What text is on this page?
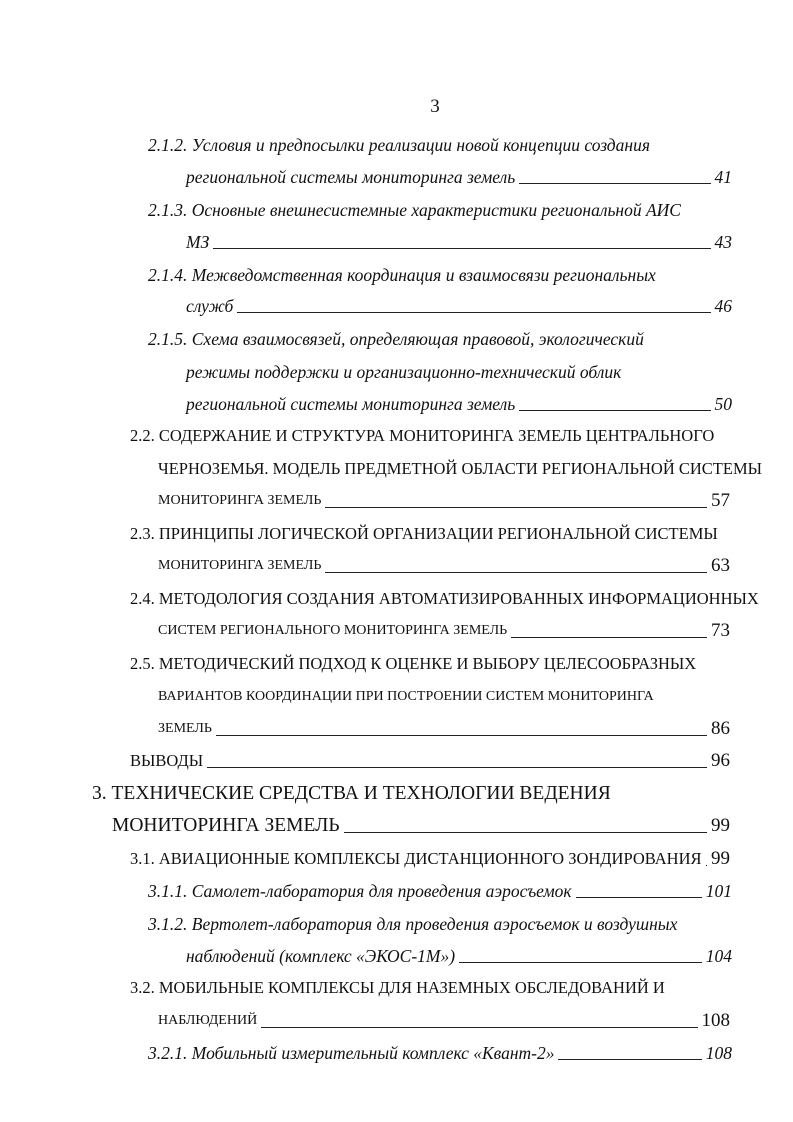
3
2.1.2. Условия и предпосылки реализации новой концепции создания
региональной системы мониторинга земель	41
2.1.3. Основные внешнесистемные характеристики региональной АИС
МЗ	43
2.1.4. Межведомственная координация и взаимосвязи региональных
служб	46
2.1.5. Схема взаимосвязей, определяющая правовой, экологический
режимы поддержки и организационно-технический облик
региональной системы мониторинга земель	50
2.2. СОДЕРЖАНИЕ И СТРУКТУРА МОНИТОРИНГА ЗЕМЕЛЬ ЦЕНТРАЛЬНОГО
ЧЕРНОЗЕМЬЯ. МОДЕЛЬ ПРЕДМЕТНОЙ ОБЛАСТИ РЕГИОНАЛЬНОЙ СИСТЕМЫ
МОНИТОРИНГА ЗЕМЕЛЬ	57
2.3. ПРИНЦИПЫ ЛОГИЧЕСКОЙ ОРГАНИЗАЦИИ РЕГИОНАЛЬНОЙ СИСТЕМЫ
МОНИТОРИНГА ЗЕМЕЛЬ	63
2.4. МЕТОДОЛОГИЯ СОЗДАНИЯ АВТОМАТИЗИРОВАННЫХ ИНФОРМАЦИОННЫХ
СИСТЕМ РЕГИОНАЛЬНОГО МОНИТОРИНГА ЗЕМЕЛЬ	73
2.5. МЕТОДИЧЕСКИЙ ПОДХОД К ОЦЕНКЕ И ВЫБОРУ ЦЕЛЕСООБРАЗНЫХ
ВАРИАНТОВ КООРДИНАЦИИ ПРИ ПОСТРОЕНИИ СИСТЕМ МОНИТОРИНГА
ЗЕМЕЛЬ	86
ВЫВОДЫ	96
3. ТЕХНИЧЕСКИЕ СРЕДСТВА И ТЕХНОЛОГИИ ВЕДЕНИЯ
МОНИТОРИНГА ЗЕМЕЛЬ	99
3.1. АВИАЦИОННЫЕ КОМПЛЕКСЫ ДИСТАНЦИОННОГО ЗОНДИРОВАНИЯ 99
3.1.1. Самолет-лаборатория для проведения аэросъемок	101
3.1.2. Вертолет-лаборатория для проведения аэросъемок и воздушных
наблюдений (комплекс «ЭКОС-1М»)	104
3.2. МОБИЛЬНЫЕ КОМПЛЕКСЫ ДЛЯ НАЗЕМНЫХ ОБСЛЕДОВАНИЙ И
НАБЛЮДЕНИЙ	108
3.2.1. Мобильный измерительный комплекс «Квант-2»	108
